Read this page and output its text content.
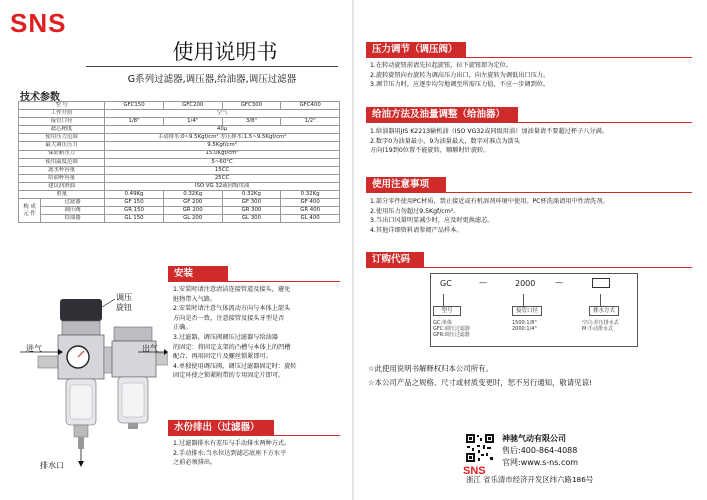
SNS
使用说明书
G系列过滤器,调压器,给油器,调压过滤器
技术参数
型 号		GFC150	GFC200	GFC300	GFC400
工作介质		空气			
接管口径		1/8"	1/4"	3/8"	1/2"
滤芯精度		40μ			
使用压力范围		手动排水:0~9.5Kgf/cm² 差压排水:1.5~9.5Kgf/cm²			
最大调压压力		9.5Kgf/cm²			
保证耐压力		15.0Kgf/cm²			
使用温度范围		5~60°C			
滤水杯容量		15CC			
给油杯容量		25CC			
建议润滑油		ISO VG 32或同级用油			
重量		0.49Kg	0.32Kg	0.32Kg	0.32Kg
构 成 元 件	过滤器	GF 150	GF 200	GF 300	GF 400
	调压阀	GR 150	GR 200	GR 300	GR 400
	给油器	GL 150	GL 200	GL 300	GL 400
调压
旋钮
进气	出气
排水口
安装
1.安装时请注意清洁连接管道及接头，避免
脏物带入气路。
2.安装时请注意气体流动方向与本体上箭头
方向是否一致，注意接管及接头牙型是否
正确。
3.过滤器、调压阀调压过滤器与给油器
的固定：将固定支架的凸槽与本体上的凹槽
配合，再用固定片及螺丝锁紧即可。
4.单独使用调压阀、调压过滤器固定时：旋转
固定环使之锁紧附带的专用固定片即可。
水份排出（过滤器）
1.过滤器排水有差压与手动排水两种方式。
2.手动排水:当水位达到滤芯底座下方水平
之前必须排出。
压力调节（调压阀）
1.在转动旋钮前请先拉起旋钮，拉下旋钮即为定位。
2.旋转旋钮向右旋转为调高压力出口，向左旋转为调低出口压力。
3.调节压力时，应逐步均匀地调至所需压力值，不应一步调到位。
给油方法及油量调整（给油器）
1.给油器用JIS K2213输机油（ISO VG32或同级用油）加油量请不要超过杯子八分满。
2.数字0为油量最小，9为油量最大，数字对准点为箭头
方向(19到0位置不能旋转，顺顺时针旋转。
使用注意事项
1.部分零件使用PC材质，禁止接近或有机溶剂环境中使用。PC杯洗涤请用中性清洗剂。
2.使用压力勿超过9.5Kgf/cm²。
3.当出口风量明显减少时，应及时更换滤芯。
4.其他详细资料请参阅产品样本。
订购代码
GC	—	2000 —
型号	接管口径	排水方式
GC:单体
GFC:调压过滤器
GFR:调压过滤器
1500:1/8"
2000:1/4"
空白:差压排水式
M:手动排水式
☆此使用说明书解释权归本公司所有。
☆本公司产品之规格、尺寸或材质变更时，恕不另行通知，敬请见谅!
SNS
神驰气动有限公司
售后:400-864-4088
官网:www.s-ns.com
浙江 省乐清市经济开发区纬六路186号
